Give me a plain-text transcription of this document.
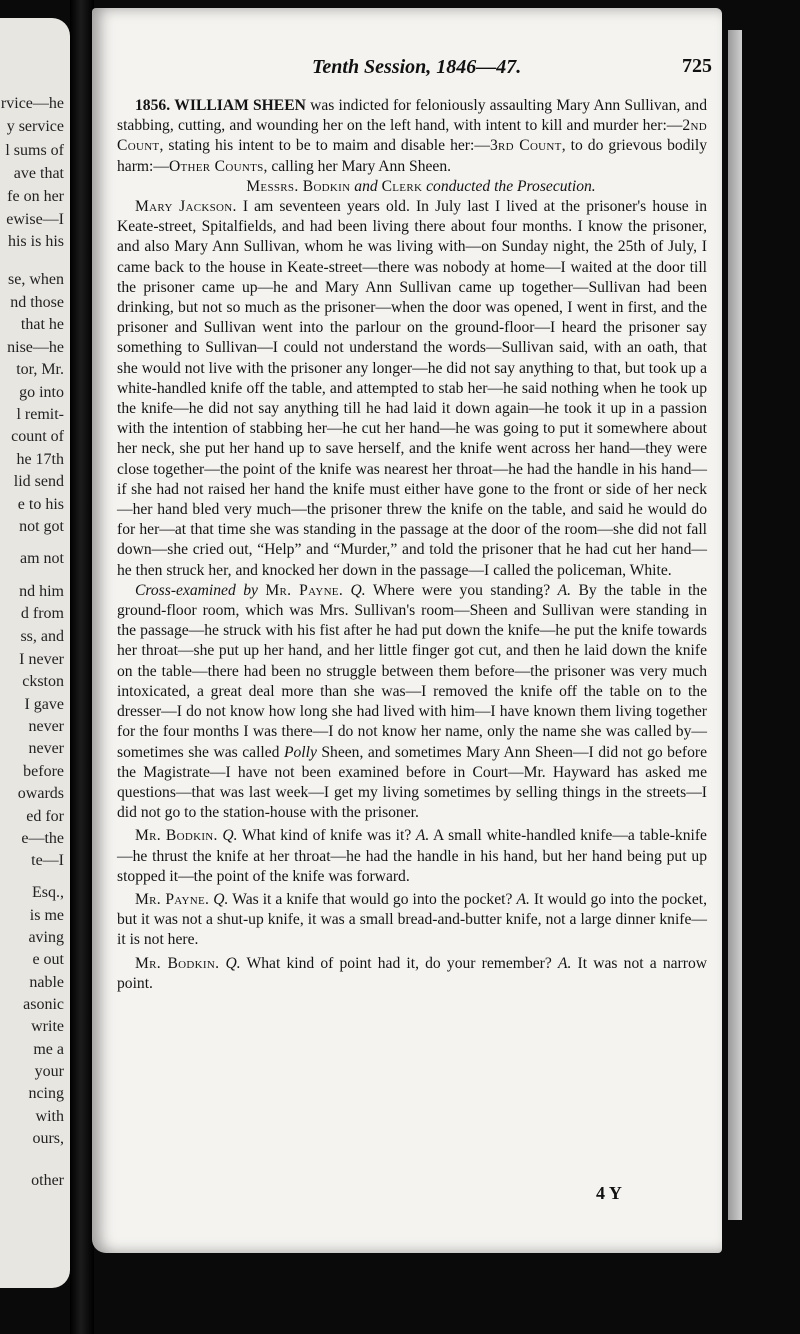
rvice—he
y service
l sums of
ave that
fe on her
ewise—I
his is his
se, when
nd those
that he
nise—he
tor, Mr.
go into
l remit-
count of
he 17th
lid send
e to his
not got
am not
nd him
d from
ss, and
I never
ckston
I gave
never
never
before
owards
ed for
e—the
te—I
Esq.,
is me
aving
e out
nable
asonic
write
me a
your
ncing
with
ours,
other
Tenth Session, 1846—47.	725

1856. WILLIAM SHEEN was indicted for feloniously assaulting Mary Ann Sullivan, and stabbing, cutting, and wounding her on the left hand, with intent to kill and murder her:—2nd Count, stating his intent to be to maim and disable her:—3rd Count, to do grievous bodily harm:—Other Counts, calling her Mary Ann Sheen.

Messrs. Bodkin and Clerk conducted the Prosecution.

Mary Jackson. I am seventeen years old. In July last I lived at the prisoner's house in Keate-street, Spitalfields, and had been living there about four months. I know the prisoner, and also Mary Ann Sullivan, whom he was living with—on Sunday night, the 25th of July, I came back to the house in Keate-street—there was nobody at home—I waited at the door till the prisoner came up—he and Mary Ann Sullivan came up together—Sullivan had been drinking, but not so much as the prisoner—when the door was opened, I went in first, and the prisoner and Sullivan went into the parlour on the ground-floor—I heard the prisoner say something to Sullivan—I could not understand the words—Sullivan said, with an oath, that she would not live with the prisoner any longer—he did not say anything to that, but took up a white-handled knife off the table, and attempted to stab her—he said nothing when he took up the knife—he did not say anything till he had laid it down again—he took it up in a passion with the intention of stabbing her—he cut her hand—he was going to put it somewhere about her neck, she put her hand up to save herself, and the knife went across her hand—they were close together—the point of the knife was nearest her throat—he had the handle in his hand—if she had not raised her hand the knife must either have gone to the front or side of her neck—her hand bled very much—the prisoner threw the knife on the table, and said he would do for her—at that time she was standing in the passage at the door of the room—she did not fall down—she cried out, “Help” and “Murder,” and told the prisoner that he had cut her hand—he then struck her, and knocked her down in the passage—I called the policeman, White.

Cross-examined by Mr. Payne. Q. Where were you standing? A. By the table in the ground-floor room, which was Mrs. Sullivan's room—Sheen and Sullivan were standing in the passage—he struck with his fist after he had put down the knife—he put the knife towards her throat—she put up her hand, and her little finger got cut, and then he laid down the knife on the table—there had been no struggle between them before—the prisoner was very much intoxicated, a great deal more than she was—I removed the knife off the table on to the dresser—I do not know how long she had lived with him—I have known them living together for the four months I was there—I do not know her name, only the name she was called by—sometimes she was called Polly Sheen, and sometimes Mary Ann Sheen—I did not go before the Magistrate—I have not been examined before in Court—Mr. Hayward has asked me questions—that was last week—I get my living sometimes by selling things in the streets—I did not go to the station-house with the prisoner.

Mr. Bodkin. Q. What kind of knife was it? A. A small white-handled knife—a table-knife—he thrust the knife at her throat—he had the handle in his hand, but her hand being put up stopped it—the point of the knife was forward.

Mr. Payne. Q. Was it a knife that would go into the pocket? A. It would go into the pocket, but it was not a shut-up knife, it was a small bread-and-butter knife, not a large dinner knife—it is not here.

Mr. Bodkin. Q. What kind of point had it, do your remember? A. It was not a narrow point.

4 Y
